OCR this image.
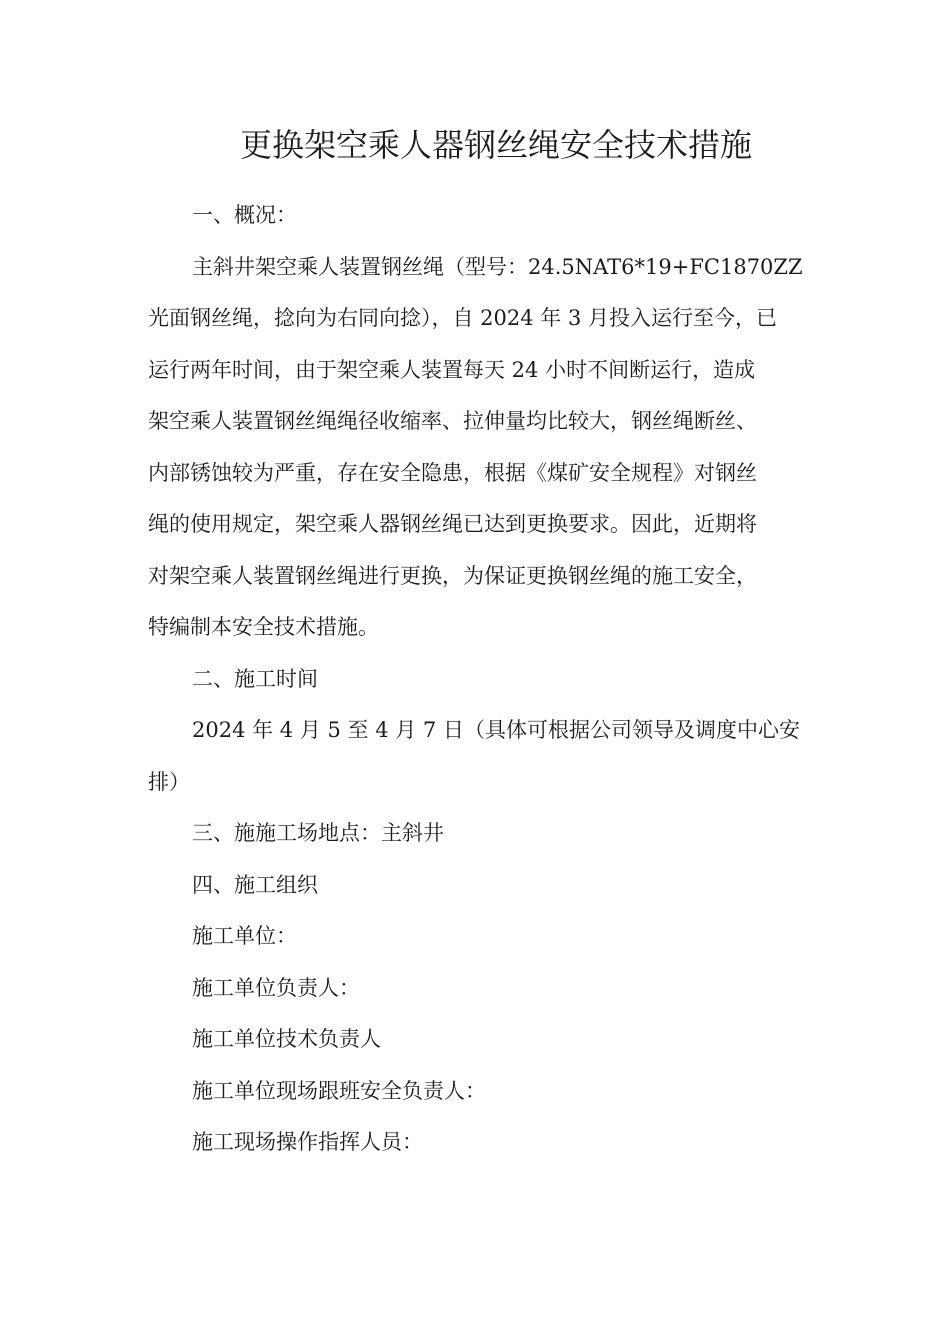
更换架空乘人器钢丝绳安全技术措施
一、概况：
主斜井架空乘人装置钢丝绳（型号：24.5NAT6*19+FC1870ZZ
光面钢丝绳，捻向为右同向捻），自 2024 年 3 月投入运行至今，已
运行两年时间，由于架空乘人装置每天 24 小时不间断运行，造成
架空乘人装置钢丝绳绳径收缩率、拉伸量均比较大，钢丝绳断丝、
内部锈蚀较为严重，存在安全隐患，根据《煤矿安全规程》对钢丝
绳的使用规定，架空乘人器钢丝绳已达到更换要求。因此，近期将
对架空乘人装置钢丝绳进行更换，为保证更换钢丝绳的施工安全，
特编制本安全技术措施。
二、施工时间
2024 年 4 月 5 至 4 月 7 日（具体可根据公司领导及调度中心安
排）
三、施施工场地点：主斜井
四、施工组织
施工单位：
施工单位负责人：
施工单位技术负责人
施工单位现场跟班安全负责人：
施工现场操作指挥人员：
